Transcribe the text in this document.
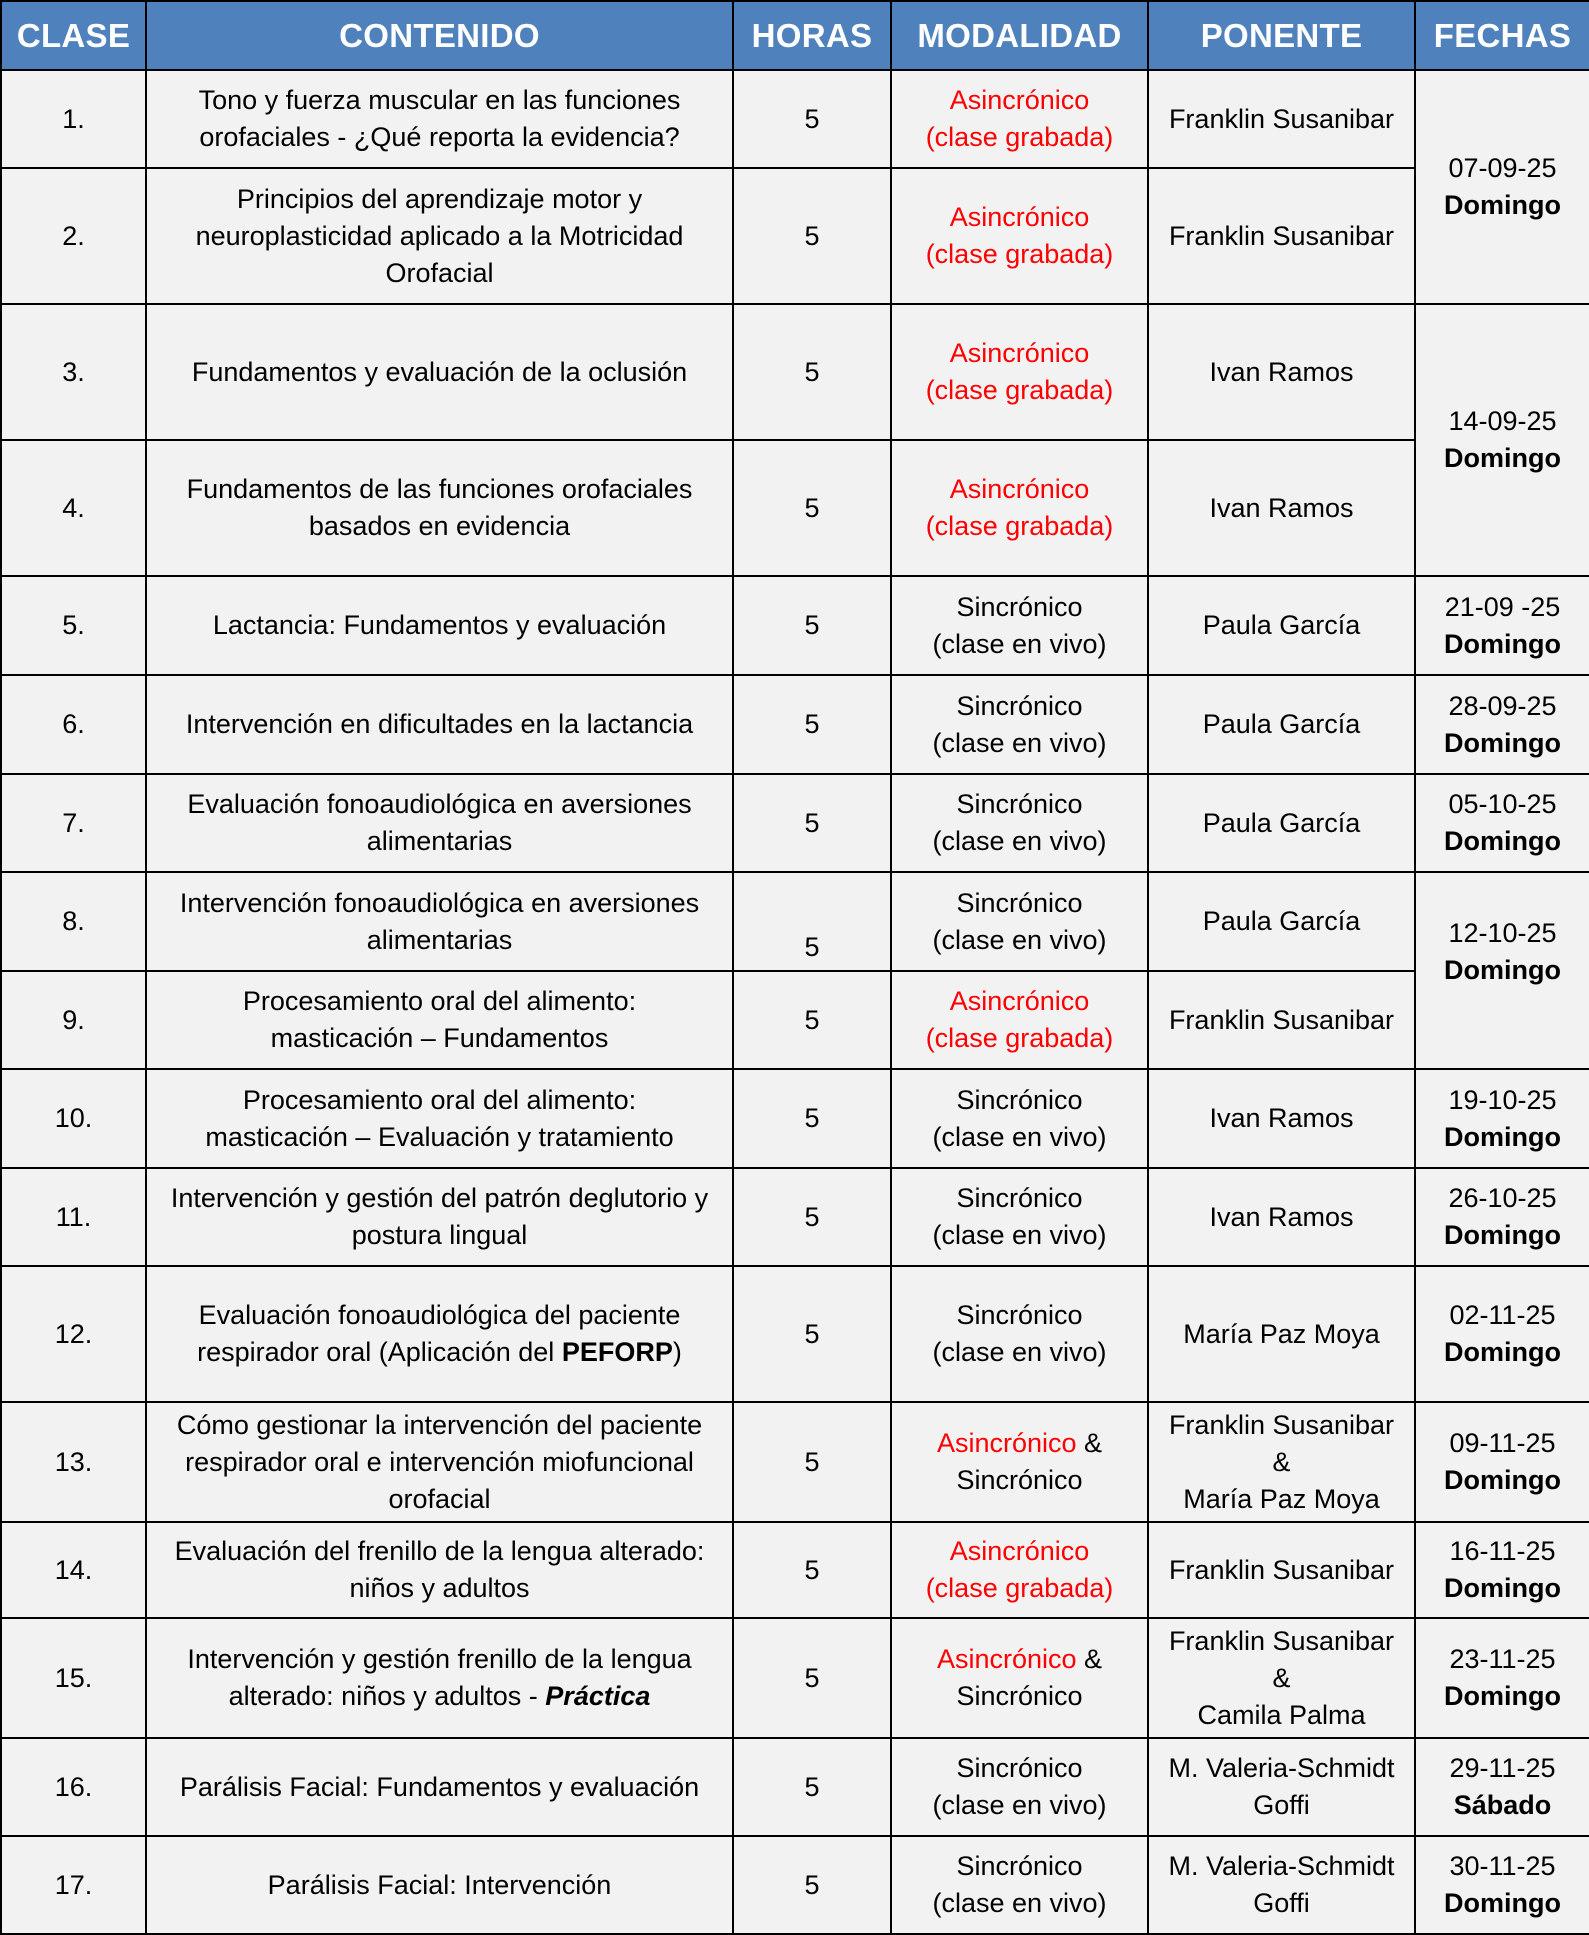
CLASE	CONTENIDO	HORAS	MODALIDAD	PONENTE	FECHAS
1.	Tono y fuerza muscular en las funciones
orofaciales - ¿Qué reporta la evidencia?	5	Asincrónico
(clase grabada)	Franklin Susanibar	07-09-25
Domingo
2.	Principios del aprendizaje motor y
neuroplasticidad aplicado a la Motricidad
Orofacial	5	Asincrónico
(clase grabada)	Franklin Susanibar	
3.	Fundamentos y evaluación de la oclusión	5	Asincrónico
(clase grabada)	Ivan Ramos	14-09-25
Domingo
4.	Fundamentos de las funciones orofaciales
basados en evidencia	5	Asincrónico
(clase grabada)	Ivan Ramos	
5.	Lactancia: Fundamentos y evaluación	5	Sincrónico
(clase en vivo)	Paula García	21-09 -25
Domingo
6.	Intervención en dificultades en la lactancia	5	Sincrónico
(clase en vivo)	Paula García	28-09-25
Domingo
7.	Evaluación fonoaudiológica en aversiones
alimentarias	5	Sincrónico
(clase en vivo)	Paula García	05-10-25
Domingo
8.	Intervención fonoaudiológica en aversiones
alimentarias	5	Sincrónico
(clase en vivo)	Paula García	12-10-25
Domingo

9.	Procesamiento oral del alimento:
masticación – Fundamentos	5	Asincrónico
(clase grabada)	Franklin Susanibar	
10.	Procesamiento oral del alimento:
masticación – Evaluación y tratamiento	5	Sincrónico
(clase en vivo)	Ivan Ramos	19-10-25
Domingo
11.	Intervención y gestión del patrón deglutorio y
postura lingual	5	Sincrónico
(clase en vivo)	Ivan Ramos	26-10-25
Domingo
12.	Evaluación fonoaudiológica del paciente
respirador oral (Aplicación del PEFORP)	5	Sincrónico
(clase en vivo)	María Paz Moya	02-11-25
Domingo
13.	Cómo gestionar la intervención del paciente
respirador oral e intervención miofuncional
orofacial	5	Asincrónico &
Sincrónico	Franklin Susanibar
&
María Paz Moya	09-11-25
Domingo
14.	Evaluación del frenillo de la lengua alterado:
niños y adultos	5	Asincrónico
(clase grabada)	Franklin Susanibar	16-11-25
Domingo
15.	Intervención y gestión frenillo de la lengua
alterado: niños y adultos - Práctica	5	Asincrónico &
Sincrónico	Franklin Susanibar
&
Camila Palma	23-11-25
Domingo
16.	Parálisis Facial: Fundamentos y evaluación	5	Sincrónico
(clase en vivo)	M. Valeria-Schmidt
Goffi	29-11-25
Sábado
17.	Parálisis Facial: Intervención	5	Sincrónico
(clase en vivo)	M. Valeria-Schmidt
Goffi	30-11-25
Domingo
